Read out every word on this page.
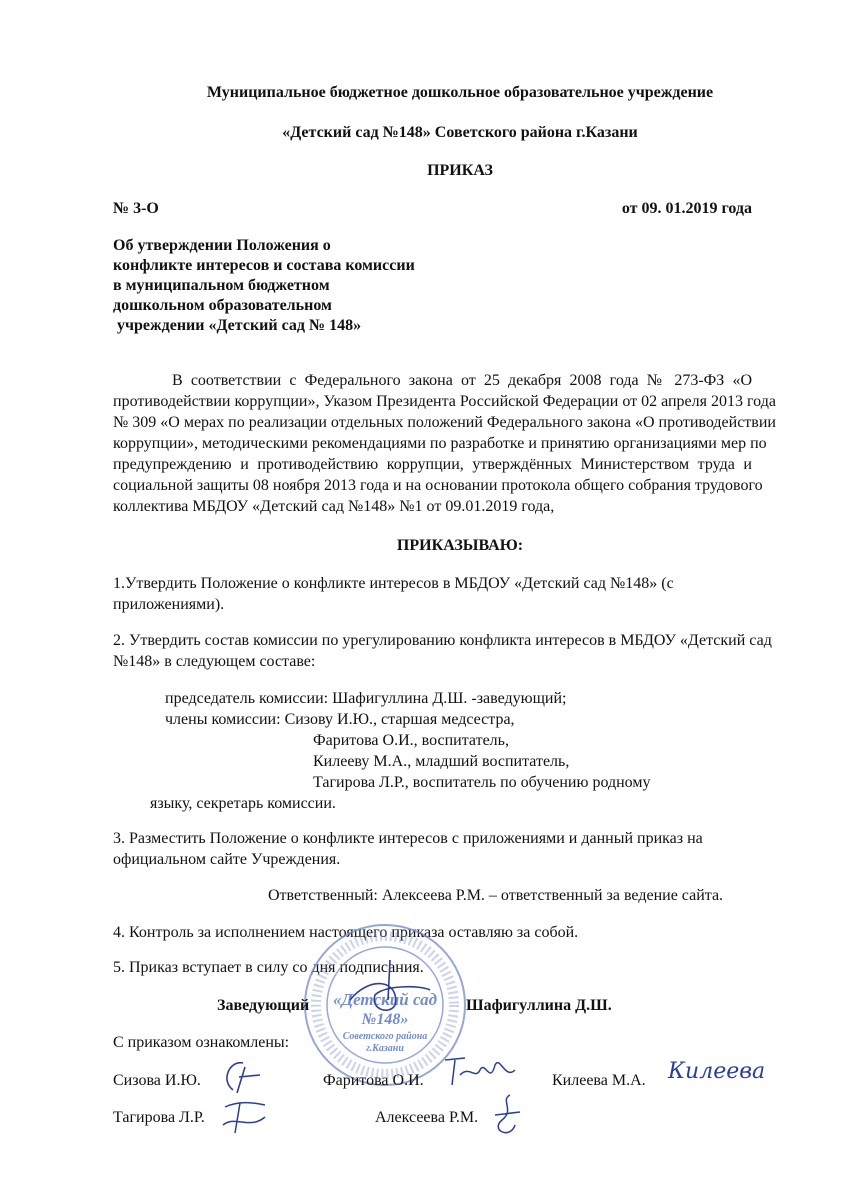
Муниципальное бюджетное дошкольное образовательное учреждение
«Детский сад №148» Советского района г.Казани
ПРИКАЗ
№ 3-О	от 09. 01.2019 года
Об утверждении Положения о
конфликте интересов и состава комиссии
в муниципальном бюджетном
дошкольном образовательном
учреждении «Детский сад № 148»
В соответствии с Федерального закона от 25 декабря 2008 года № 273-ФЗ «О
противодействии коррупции», Указом Президента Российской Федерации от 02 апреля 2013 года
№ 309 «О мерах по реализации отдельных положений Федерального закона «О противодействии
коррупции», методическими рекомендациями по разработке и принятию организациями мер по
предупреждению и противодействию коррупции, утверждённых Министерством труда и
социальной защиты 08 ноября 2013 года и на основании протокола общего собрания трудового
коллектива МБДОУ «Детский сад №148» №1 от 09.01.2019 года,
ПРИКАЗЫВАЮ:
1.Утвердить Положение о конфликте интересов в МБДОУ «Детский сад №148» (с
приложениями).
2. Утвердить состав комиссии по урегулированию конфликта интересов в МБДОУ «Детский сад
№148» в следующем составе:
председатель комиссии: Шафигуллина Д.Ш. -заведующий;
члены комиссии: Сизову И.Ю., старшая медсестра,
Фаритова О.И., воспитатель,
Килееву М.А., младший воспитатель,
Тагирова Л.Р., воспитатель по обучению родному
языку, секретарь комиссии.
3. Разместить Положение о конфликте интересов с приложениями и данный приказ на
официальном сайте Учреждения.
Ответственный: Алексеева Р.М. – ответственный за ведение сайта.
4. Контроль за исполнением настоящего приказа оставляю за собой.
5. Приказ вступает в силу со дня подписания.
«Детский сад
№148»
Советского района
г.Казани
Заведующий	Шафигуллина Д.Ш.
С приказом ознакомлены:
Сизова И.Ю.	Фаритова О.И.	Килеева М.А.
Тагирова Л.Р.	Алексеева Р.М.
Килеева
